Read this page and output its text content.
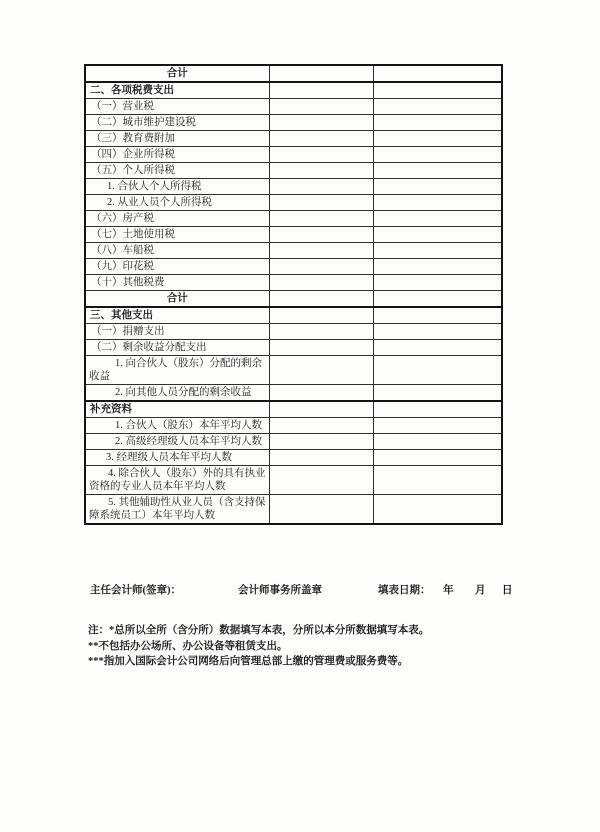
合计		
二、各项税费支出		
（一）营业税		
（二）城市维护建设税		
（三）教育费附加		
（四）企业所得税		
（五）个人所得税		
1. 合伙人个人所得税		
2. 从业人员个人所得税		
（六）房产税		
（七）土地使用税		
（八）车船税		
（九）印花税		
（十）其他税费		
合计		
三、其他支出		
（一）捐赠支出		
（二）剩余收益分配支出		
1. 向合伙人（股东）分配的剩余收益		
2. 向其他人员分配的剩余收益		
补充资料		
1. 合伙人（股东）本年平均人数		
2. 高级经理级人员本年平均人数		
3. 经理级人员本年平均人数		
4. 除合伙人（股东）外的具有执业资格的专业人员本年平均人数		
5. 其他辅助性从业人员（含支持保障系统员工）本年平均人数		
主任会计师(签章)：	会计师事务所盖章	填表日期： 年 月 日
注：*总所以全所（含分所）数据填写本表，分所以本分所数据填写本表。
**不包括办公场所、办公设备等租赁支出。
***指加入国际会计公司网络后向管理总部上缴的管理费或服务费等。
